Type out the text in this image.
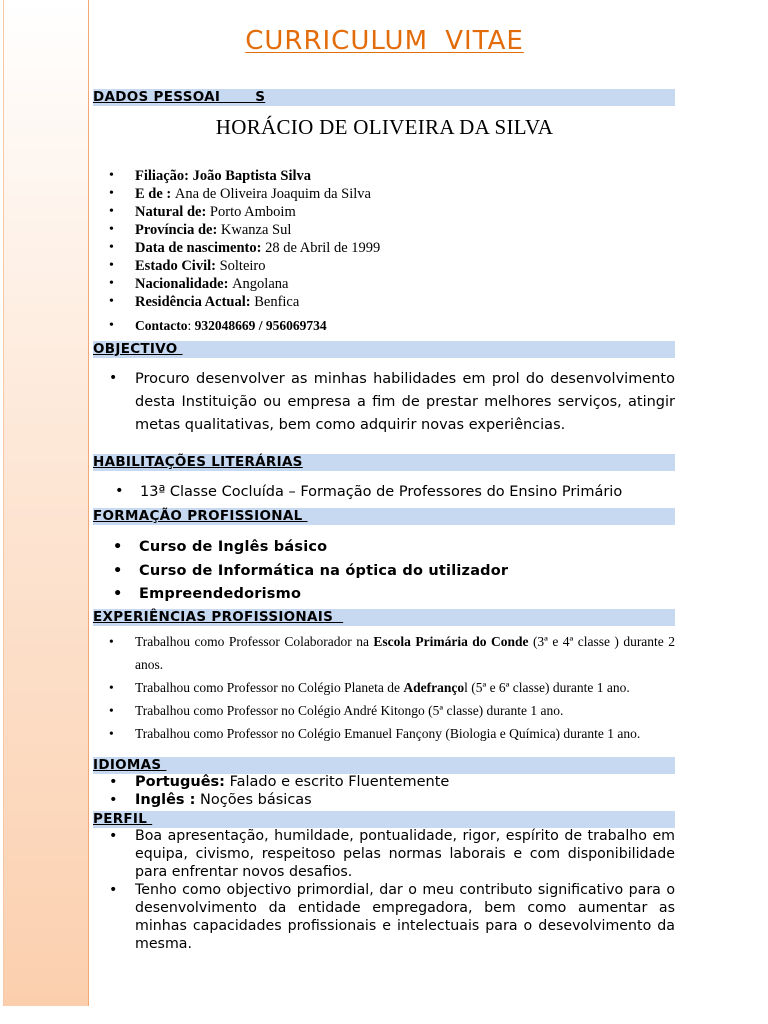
CURRICULUM VITAE
DADOS PESSOAI       S
HORÁCIO DE OLIVEIRA DA SILVA
• Filiação: João Baptista Silva
• E de : Ana de Oliveira Joaquim da Silva
• Natural de: Porto Amboim
• Província de: Kwanza Sul
• Data de nascimento: 28 de Abril de 1999
• Estado Civil: Solteiro
• Nacionalidade: Angolana
• Residência Actual: Benfica
• Contacto: 932048669 / 956069734
OBJECTIVO
• Procuro desenvolver as minhas habilidades em prol do desenvolvimento desta Instituição ou empresa a fim de prestar melhores serviços, atingir metas qualitativas, bem como adquirir novas experiências.

HABILITAÇÕES LITERÁRIAS
• 13ª Classe Cocluída – Formação de Professores do Ensino Primário
FORMAÇÃO PROFISSIONAL
• Curso de Inglês básico
• Curso de Informática na óptica do utilizador
• Empreendedorismo
EXPERIÊNCIAS PROFISSIONAIS
• Trabalhou como Professor Colaborador na Escola Primária do Conde (3ª e 4ª classe ) durante 2 anos.
• Trabalhou como Professor no Colégio Planeta de Adefrançol (5ª e 6ª classe) durante 1 ano.
• Trabalhou como Professor no Colégio André Kitongo (5ª classe) durante 1 ano.
• Trabalhou como Professor no Colégio Emanuel Fançony (Biologia e Química) durante 1 ano.
IDIOMAS
• Português: Falado e escrito Fluentemente
• Inglês : Noções básicas
PERFIL
• Boa apresentação, humildade, pontualidade, rigor, espírito de trabalho em equipa, civismo, respeitoso pelas normas laborais e com disponibilidade para enfrentar novos desafios.
• Tenho como objectivo primordial, dar o meu contributo significativo para o desenvolvimento da entidade empregadora, bem como aumentar as minhas capacidades profissionais e intelectuais para o desevolvimento da mesma.
